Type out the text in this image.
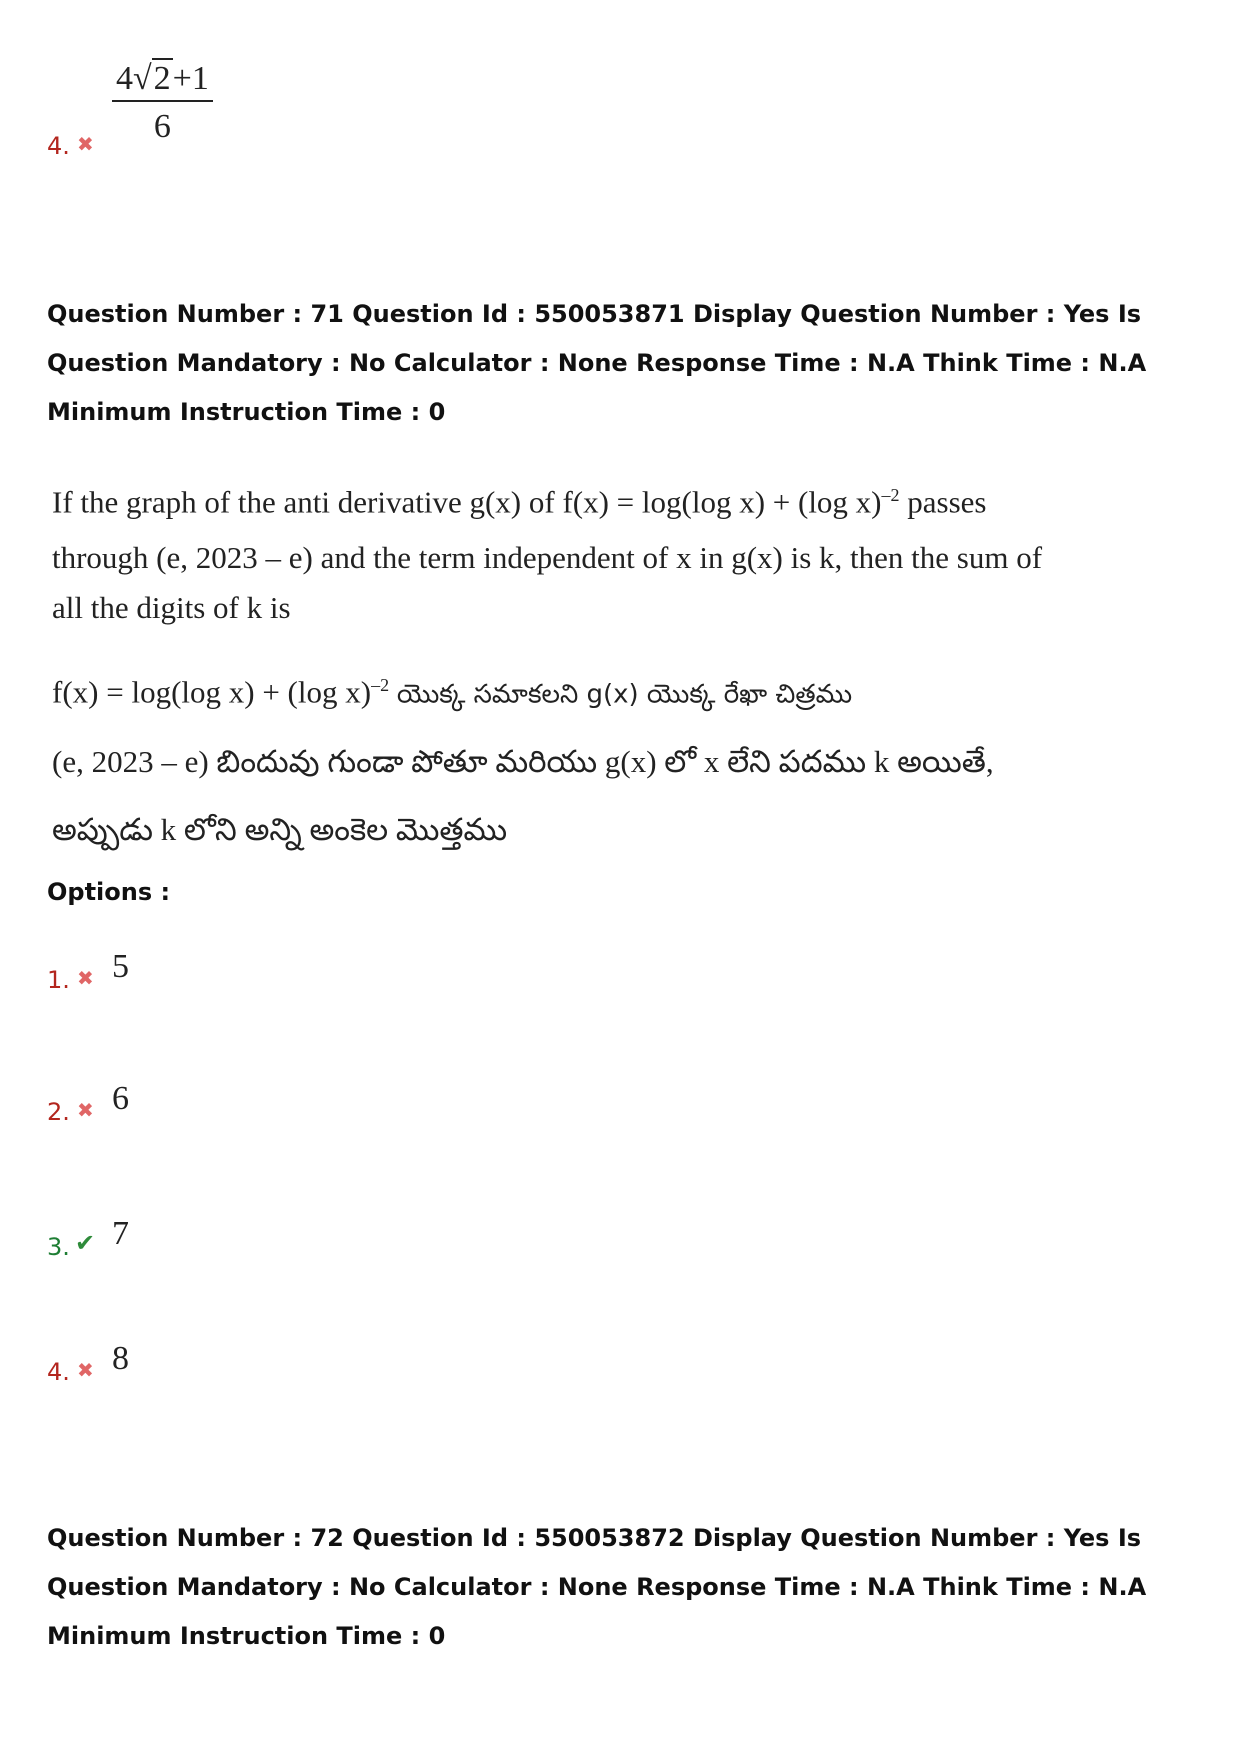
4. ✖ $\frac{4√2+1}{6}$
Question Number : 71 Question Id : 550053871 Display Question Number : Yes Is Question Mandatory : No Calculator : None Response Time : N.A Think Time : N.A Minimum Instruction Time : 0
If the graph of the anti derivative g(x) of f(x) = log(log x) + (log x)$^{-2}$ passes
through (e, 2023 – e) and the term independent of x in g(x) is k, then the sum of
all the digits of k is
f(x) = log(log x) + (log x)$^{-2}$ యొక్క సమాకలని g(x) యొక్క రేఖా చిత్రము
(e, 2023 – e) బిందువు గుండా పోతూ మరియు g(x) లో x లేని పదము k అయితే,
అప్పుడు k లోని అన్ని అంకెల మొత్తము
Options :
1. ✖ 5
2. ✖ 6
3. ✔ 7
4. ✖ 8
Question Number : 72 Question Id : 550053872 Display Question Number : Yes Is Question Mandatory : No Calculator : None Response Time : N.A Think Time : N.A Minimum Instruction Time : 0
